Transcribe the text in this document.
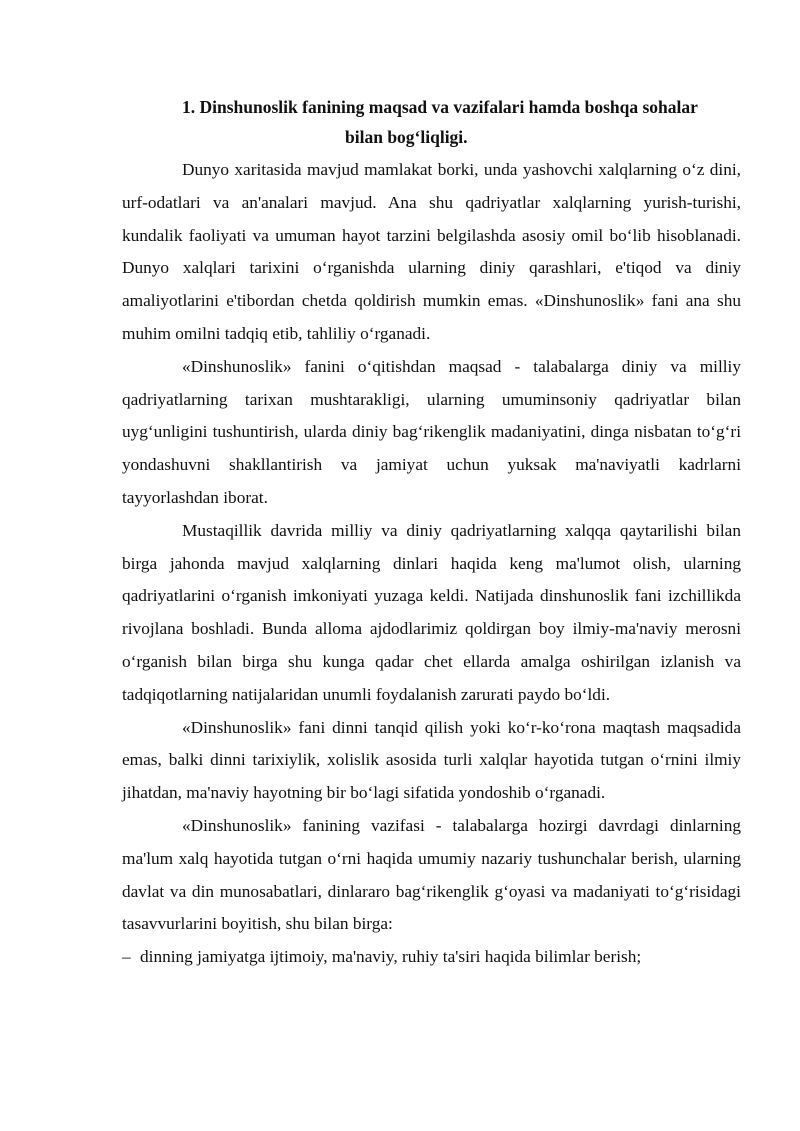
1. Dinshunoslik fanining maqsad va vazifalari hamda boshqa sohalar
bilan bog‘liqligi.

Dunyo xaritasida mavjud mamlakat borki, unda yashovchi xalqlarning o‘z dini, urf-odatlari va an'analari mavjud. Ana shu qadriyatlar xalqlarning yurish-turishi, kundalik faoliyati va umuman hayot tarzini belgilashda asosiy omil bo‘lib hisoblanadi. Dunyo xalqlari tarixini o‘rganishda ularning diniy qarashlari, e'tiqod va diniy amaliyotlarini e'tibordan chetda qoldirish mumkin emas. «Dinshunoslik» fani ana shu muhim omilni tadqiq etib, tahliliy o‘rganadi.

«Dinshunoslik» fanini o‘qitishdan maqsad - talabalarga diniy va milliy qadriyatlarning tarixan mushtarakligi, ularning umuminsoniy qadriyatlar bilan uyg‘unligini tushuntirish, ularda diniy bag‘rikenglik madaniyatini, dinga nisbatan to‘g‘ri yondashuvni shakllantirish va jamiyat uchun yuksak ma'naviyatli kadrlarni tayyorlashdan iborat.

Mustaqillik davrida milliy va diniy qadriyatlarning xalqqa qaytarilishi bilan birga jahonda mavjud xalqlarning dinlari haqida keng ma'lumot olish, ularning qadriyatlarini o‘rganish imkoniyati yuzaga keldi. Natijada dinshunoslik fani izchillikda rivojlana boshladi. Bunda alloma ajdodlarimiz qoldirgan boy ilmiy-ma'naviy merosni o‘rganish bilan birga shu kunga qadar chet ellarda amalga oshirilgan izlanish va tadqiqotlarning natijalaridan unumli foydalanish zarurati paydo bo‘ldi.

«Dinshunoslik» fani dinni tanqid qilish yoki ko‘r-ko‘rona maqtash maqsadida emas, balki dinni tarixiylik, xolislik asosida turli xalqlar hayotida tutgan o‘rnini ilmiy jihatdan, ma'naviy hayotning bir bo‘lagi sifatida yondoshib o‘rganadi.

«Dinshunoslik» fanining vazifasi - talabalarga hozirgi davrdagi dinlarning ma'lum xalq hayotida tutgan o‘rni haqida umumiy nazariy tushunchalar berish, ularning davlat va din munosabatlari, dinlararo bag‘rikenglik g‘oyasi va madaniyati to‘g‘risidagi tasavvurlarini boyitish, shu bilan birga:

– dinning jamiyatga ijtimoiy, ma'naviy, ruhiy ta'siri haqida bilimlar berish;
